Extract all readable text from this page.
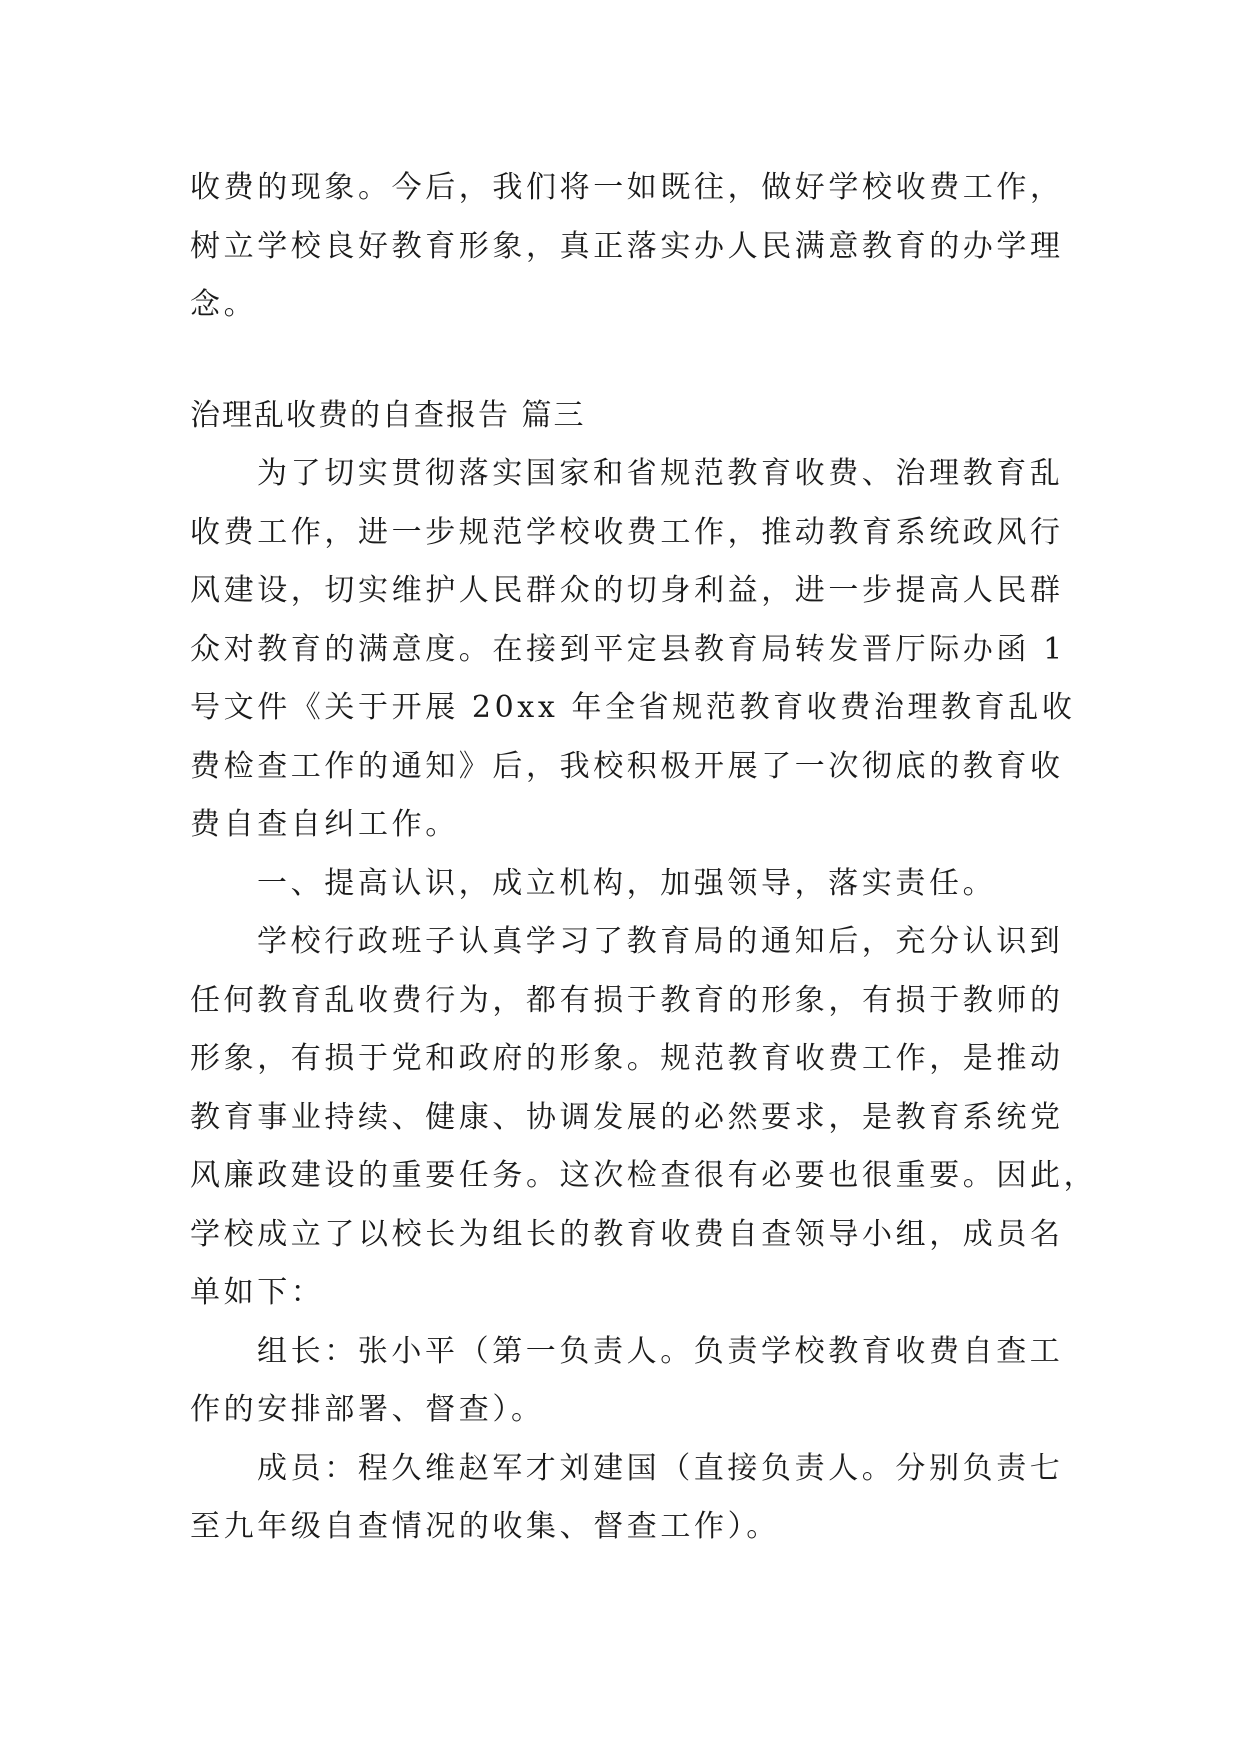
收费的现象。今后，我们将一如既往，做好学校收费工作，
树立学校良好教育形象，真正落实办人民满意教育的办学理
念。
治理乱收费的自查报告 篇三
为了切实贯彻落实国家和省规范教育收费、治理教育乱
收费工作，进一步规范学校收费工作，推动教育系统政风行
风建设，切实维护人民群众的切身利益，进一步提高人民群
众对教育的满意度。在接到平定县教育局转发晋厅际办函 1
号文件《关于开展 20xx 年全省规范教育收费治理教育乱收
费检查工作的通知》后，我校积极开展了一次彻底的教育收
费自查自纠工作。
一、提高认识，成立机构，加强领导，落实责任。
学校行政班子认真学习了教育局的通知后，充分认识到
任何教育乱收费行为，都有损于教育的形象，有损于教师的
形象，有损于党和政府的形象。规范教育收费工作，是推动
教育事业持续、健康、协调发展的必然要求，是教育系统党
风廉政建设的重要任务。这次检查很有必要也很重要。因此，
学校成立了以校长为组长的教育收费自查领导小组，成员名
单如下：
组长：张小平（第一负责人。负责学校教育收费自查工
作的安排部署、督查）。
成员：程久维赵军才刘建国（直接负责人。分别负责七
至九年级自查情况的收集、督查工作）。
